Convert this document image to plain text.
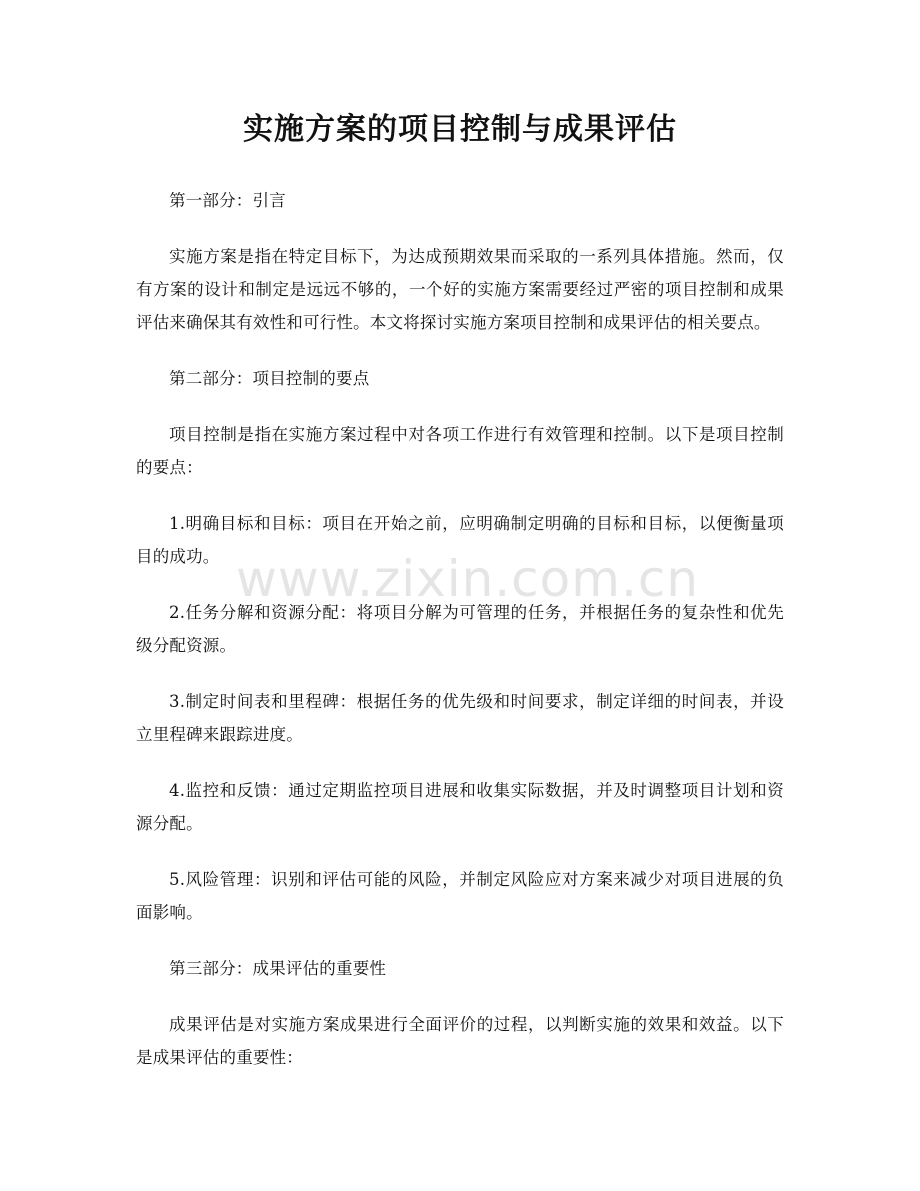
实施方案的项目控制与成果评估

第一部分：引言

实施方案是指在特定目标下，为达成预期效果而采取的一系列具体措施。然而，仅有方案的设计和制定是远远不够的，一个好的实施方案需要经过严密的项目控制和成果评估来确保其有效性和可行性。本文将探讨实施方案项目控制和成果评估的相关要点。

第二部分：项目控制的要点

项目控制是指在实施方案过程中对各项工作进行有效管理和控制。以下是项目控制的要点：

1.明确目标和目标：项目在开始之前，应明确制定明确的目标和目标，以便衡量项目的成功。

2.任务分解和资源分配：将项目分解为可管理的任务，并根据任务的复杂性和优先级分配资源。

3.制定时间表和里程碑：根据任务的优先级和时间要求，制定详细的时间表，并设立里程碑来跟踪进度。

4.监控和反馈：通过定期监控项目进展和收集实际数据，并及时调整项目计划和资源分配。

5.风险管理：识别和评估可能的风险，并制定风险应对方案来减少对项目进展的负面影响。

第三部分：成果评估的重要性

成果评估是对实施方案成果进行全面评价的过程，以判断实施的效果和效益。以下是成果评估的重要性：

www.zixin.com.cn
